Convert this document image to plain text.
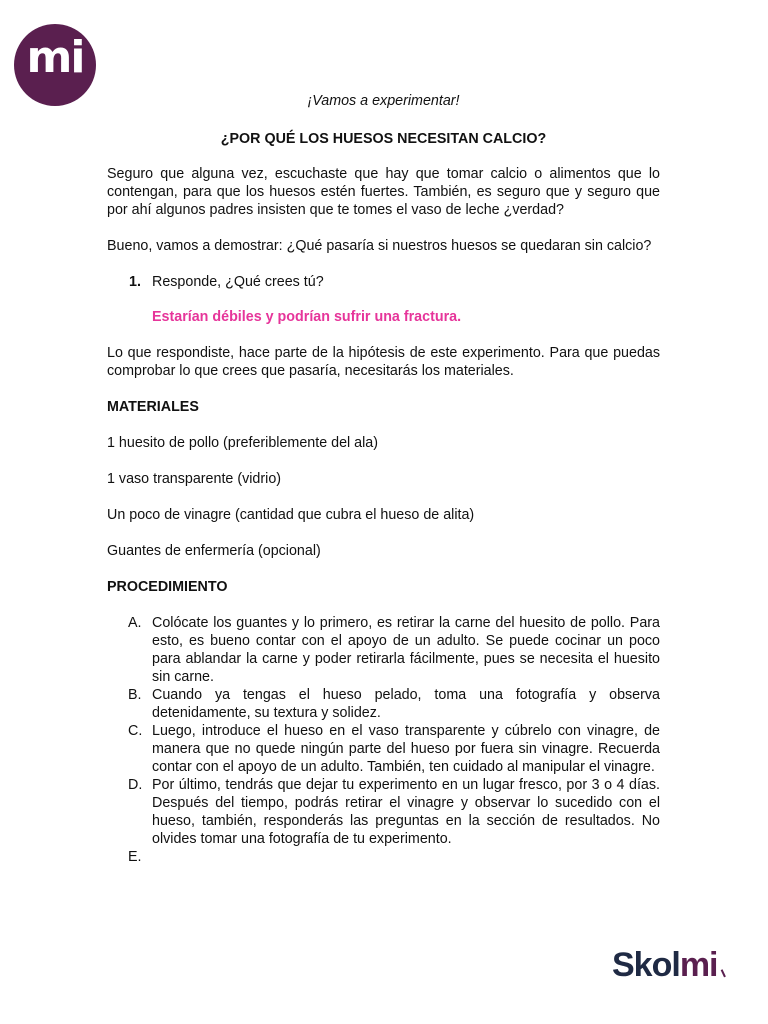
mi
¡Vamos a experimentar!
¿POR QUÉ LOS HUESOS NECESITAN CALCIO?
Seguro que alguna vez, escuchaste que hay que tomar calcio o alimentos que lo contengan, para que los huesos estén fuertes. También, es seguro que y seguro que por ahí algunos padres insisten que te tomes el vaso de leche ¿verdad?
Bueno, vamos a demostrar: ¿Qué pasaría si nuestros huesos se quedaran sin calcio?
1. Responde, ¿Qué crees tú?
Estarían débiles y podrían sufrir una fractura.
Lo que respondiste, hace parte de la hipótesis de este experimento. Para que puedas comprobar lo que crees que pasaría, necesitarás los materiales.
MATERIALES
1 huesito de pollo (preferiblemente del ala)
1 vaso transparente (vidrio)
Un poco de vinagre (cantidad que cubra el hueso de alita)
Guantes de enfermería (opcional)
PROCEDIMIENTO
A. Colócate los guantes y lo primero, es retirar la carne del huesito de pollo. Para esto, es bueno contar con el apoyo de un adulto. Se puede cocinar un poco para ablandar la carne y poder retirarla fácilmente, pues se necesita el huesito sin carne.
B. Cuando ya tengas el hueso pelado, toma una fotografía y observa detenidamente, su textura y solidez.
C. Luego, introduce el hueso en el vaso transparente y cúbrelo con vinagre, de manera que no quede ningún parte del hueso por fuera sin vinagre. Recuerda contar con el apoyo de un adulto. También, ten cuidado al manipular el vinagre.
D. Por último, tendrás que dejar tu experimento en un lugar fresco, por 3 o 4 días. Después del tiempo, podrás retirar el vinagre y observar lo sucedido con el hueso, también, responderás las preguntas en la sección de resultados. No olvides tomar una fotografía de tu experimento.
E.

Skolmi
